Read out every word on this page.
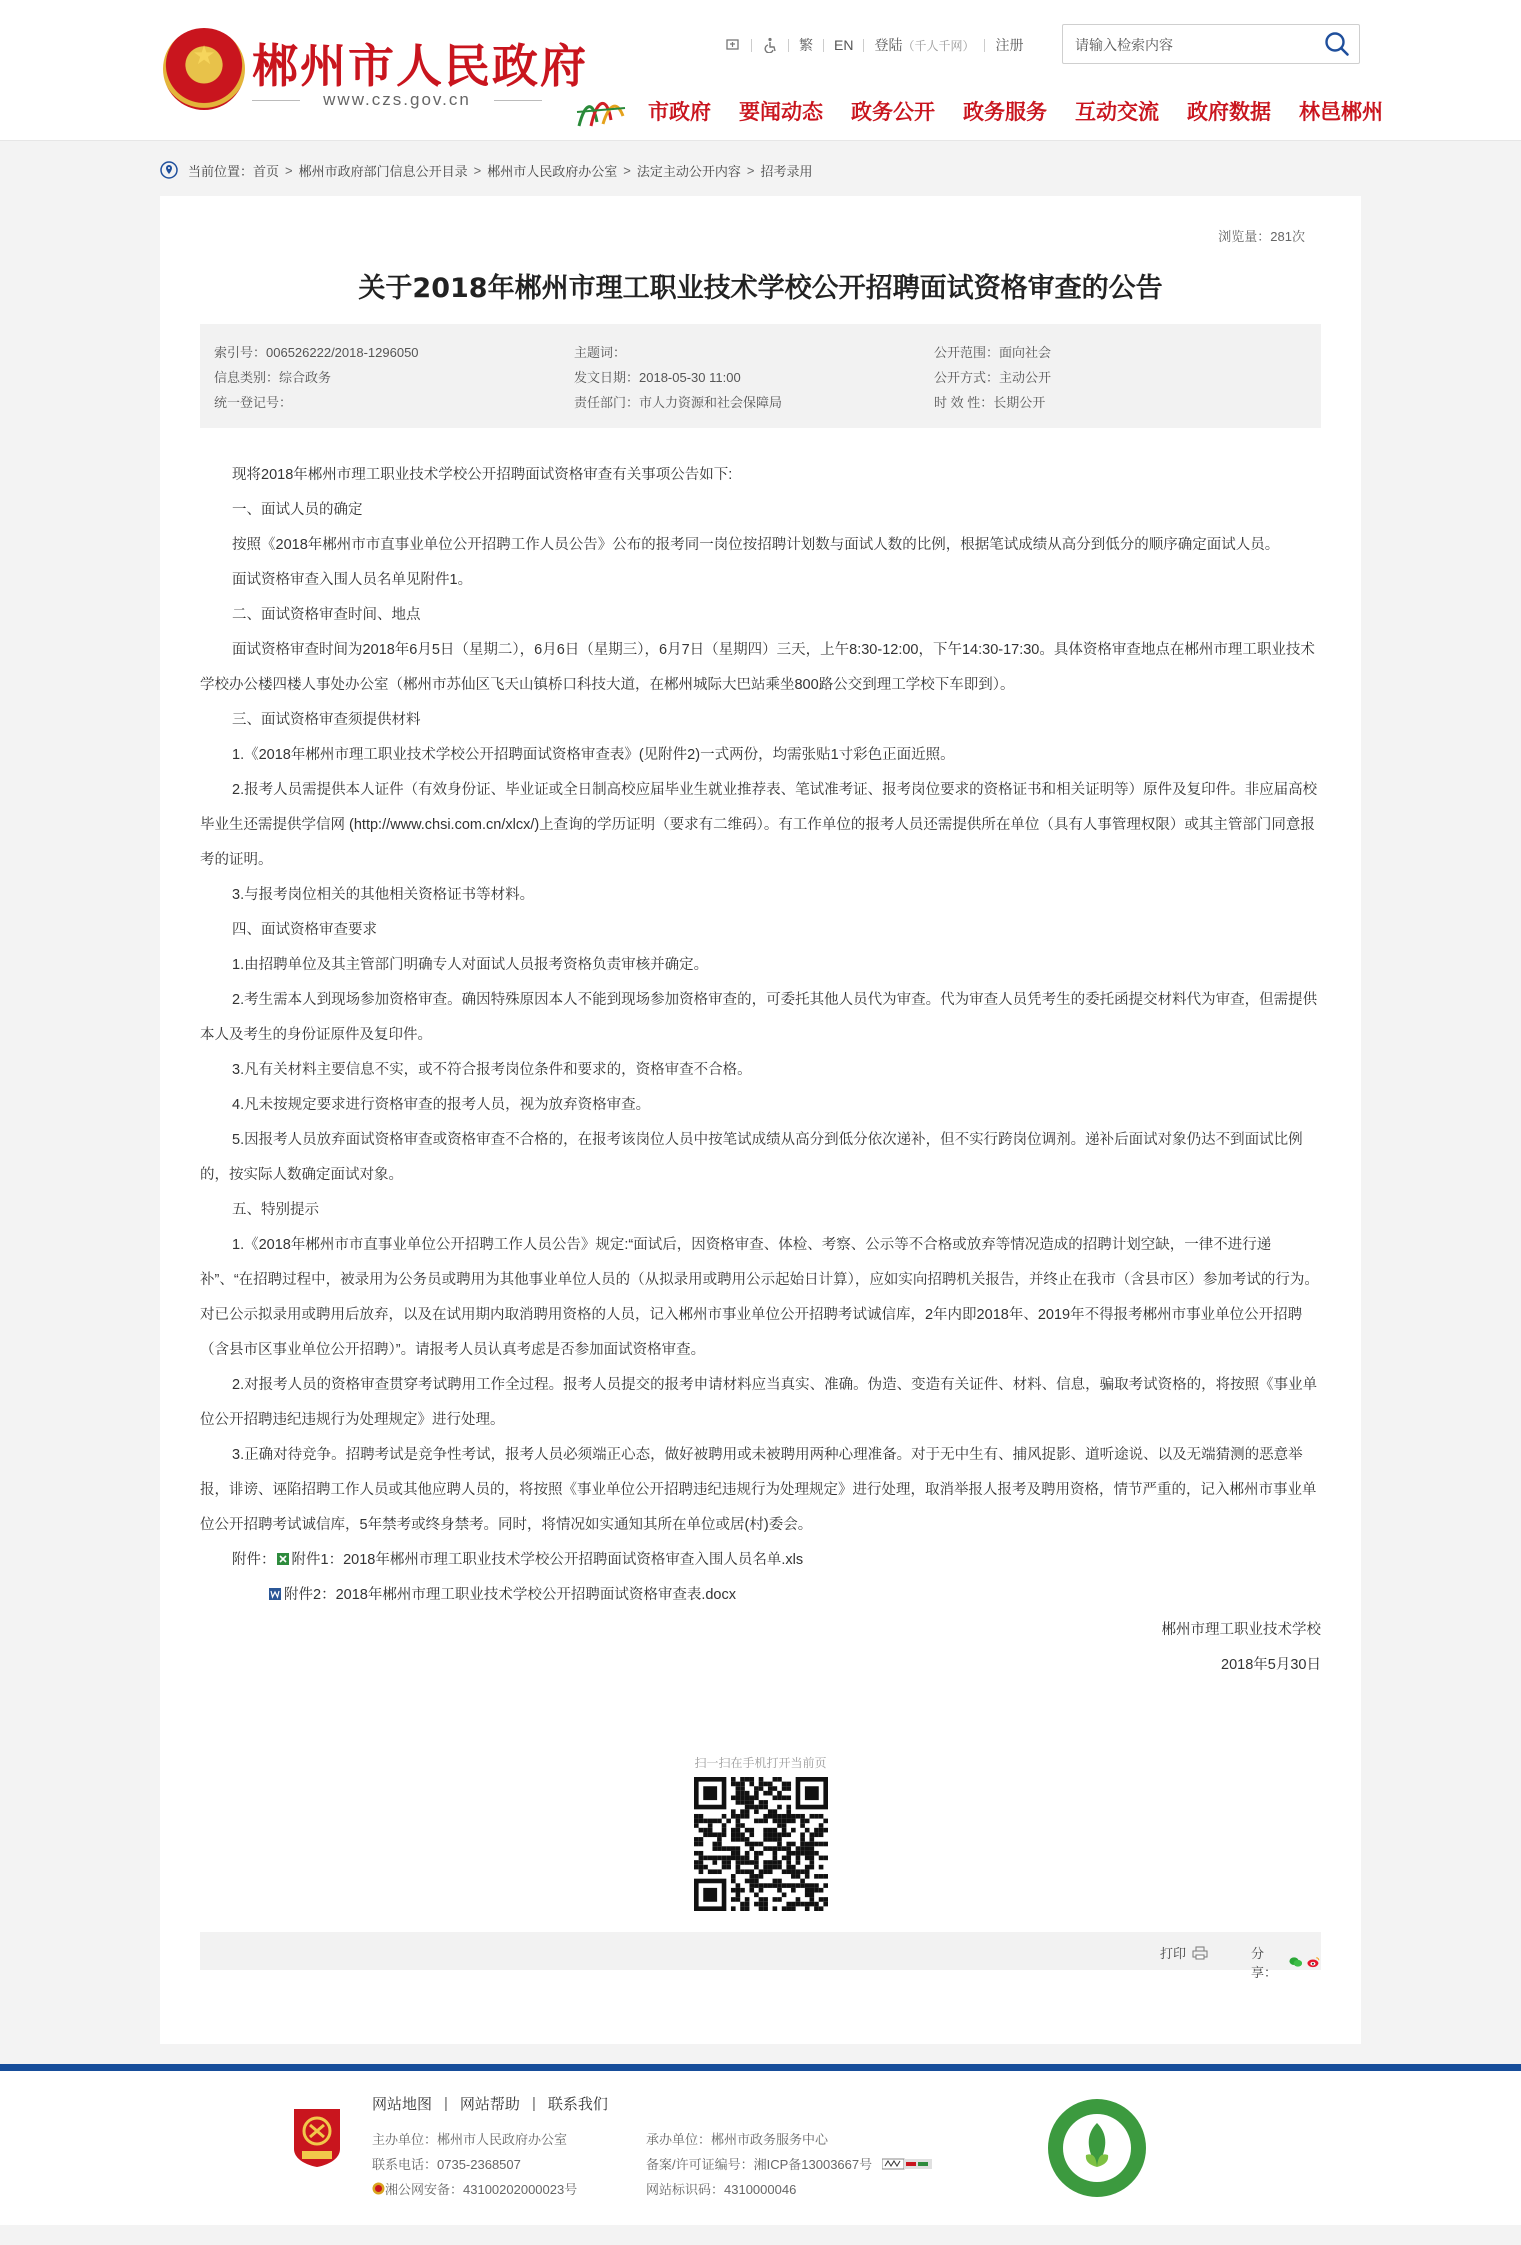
★ 郴州市人民政府
www.czs.gov.cn
繁 EN 登陆 （千人千网） 注册
请输入检索内容
市政府 要闻动态 政务公开 政务服务 互动交流 政府数据 林邑郴州
当前位置： 首页 > 郴州市政府部门信息公开目录 > 郴州市人民政府办公室 > 法定主动公开内容 > 招考录用
浏览量：281次
关于2018年郴州市理工职业技术学校公开招聘面试资格审查的公告
索引号：006526222/2018-1296050	主题词：	公开范围：面向社会
信息类别：综合政务	发文日期：2018-05-30 11:00	公开方式：主动公开
统一登记号：	责任部门：市人力资源和社会保障局	时 效 性：长期公开

现将2018年郴州市理工职业技术学校公开招聘面试资格审查有关事项公告如下:

一、面试人员的确定

按照《2018年郴州市市直事业单位公开招聘工作人员公告》公布的报考同一岗位按招聘计划数与面试人数的比例，根据笔试成绩从高分到低分的顺序确定面试人员。

面试资格审查入围人员名单见附件1。

二、面试资格审查时间、地点

面试资格审查时间为2018年6月5日（星期二），6月6日（星期三），6月7日（星期四）三天，上午8:30-12:00，下午14:30-17:30。具体资格审查地点在郴州市理工职业技术学校办公楼四楼人事处办公室（郴州市苏仙区飞天山镇桥口科技大道，在郴州城际大巴站乘坐800路公交到理工学校下车即到）。

三、面试资格审查须提供材料

1.《2018年郴州市理工职业技术学校公开招聘面试资格审查表》(见附件2)一式两份，均需张贴1寸彩色正面近照。

2.报考人员需提供本人证件（有效身份证、毕业证或全日制高校应届毕业生就业推荐表、笔试准考证、报考岗位要求的资格证书和相关证明等）原件及复印件。非应届高校毕业生还需提供学信网 (http://www.chsi.com.cn/xlcx/)上查询的学历证明（要求有二维码）。有工作单位的报考人员还需提供所在单位（具有人事管理权限）或其主管部门同意报考的证明。

3.与报考岗位相关的其他相关资格证书等材料。

四、面试资格审查要求

1.由招聘单位及其主管部门明确专人对面试人员报考资格负责审核并确定。

2.考生需本人到现场参加资格审查。确因特殊原因本人不能到现场参加资格审查的，可委托其他人员代为审查。代为审查人员凭考生的委托函提交材料代为审查，但需提供本人及考生的身份证原件及复印件。

3.凡有关材料主要信息不实，或不符合报考岗位条件和要求的，资格审查不合格。

4.凡未按规定要求进行资格审查的报考人员，视为放弃资格审查。

5.因报考人员放弃面试资格审查或资格审查不合格的，在报考该岗位人员中按笔试成绩从高分到低分依次递补，但不实行跨岗位调剂。递补后面试对象仍达不到面试比例的，按实际人数确定面试对象。

五、特别提示

1.《2018年郴州市市直事业单位公开招聘工作人员公告》规定:“面试后，因资格审查、体检、考察、公示等不合格或放弃等情况造成的招聘计划空缺，一律不进行递补”、“在招聘过程中，被录用为公务员或聘用为其他事业单位人员的（从拟录用或聘用公示起始日计算），应如实向招聘机关报告，并终止在我市（含县市区）参加考试的行为。对已公示拟录用或聘用后放弃，以及在试用期内取消聘用资格的人员，记入郴州市事业单位公开招聘考试诚信库，2年内即2018年、2019年不得报考郴州市事业单位公开招聘（含县市区事业单位公开招聘）”。请报考人员认真考虑是否参加面试资格审查。

2.对报考人员的资格审查贯穿考试聘用工作全过程。报考人员提交的报考申请材料应当真实、准确。伪造、变造有关证件、材料、信息，骗取考试资格的，将按照《事业单位公开招聘违纪违规行为处理规定》进行处理。

3.正确对待竞争。招聘考试是竞争性考试，报考人员必须端正心态，做好被聘用或未被聘用两种心理准备。对于无中生有、捕风捉影、道听途说、以及无端猜测的恶意举报，诽谤、诬陷招聘工作人员或其他应聘人员的，将按照《事业单位公开招聘违纪违规行为处理规定》进行处理，取消举报人报考及聘用资格，情节严重的，记入郴州市事业单位公开招聘考试诚信库，5年禁考或终身禁考。同时，将情况如实通知其所在单位或居(村)委会。

附件： 附件1：2018年郴州市理工职业技术学校公开招聘面试资格审查入围人员名单.xls

附件2：2018年郴州市理工职业技术学校公开招聘面试资格审查表.docx

郴州市理工职业技术学校

2018年5月30日

扫一扫在手机打开当前页
打印	分享：
网站地图 | 网站帮助 | 联系我们
主办单位：郴州市人民政府办公室
联系电话：0735-2368507
湘公网安备：43100202000023号
承办单位：郴州市政务服务中心
备案/许可证编号：湘ICP备13003667号
网站标识码：4310000046
